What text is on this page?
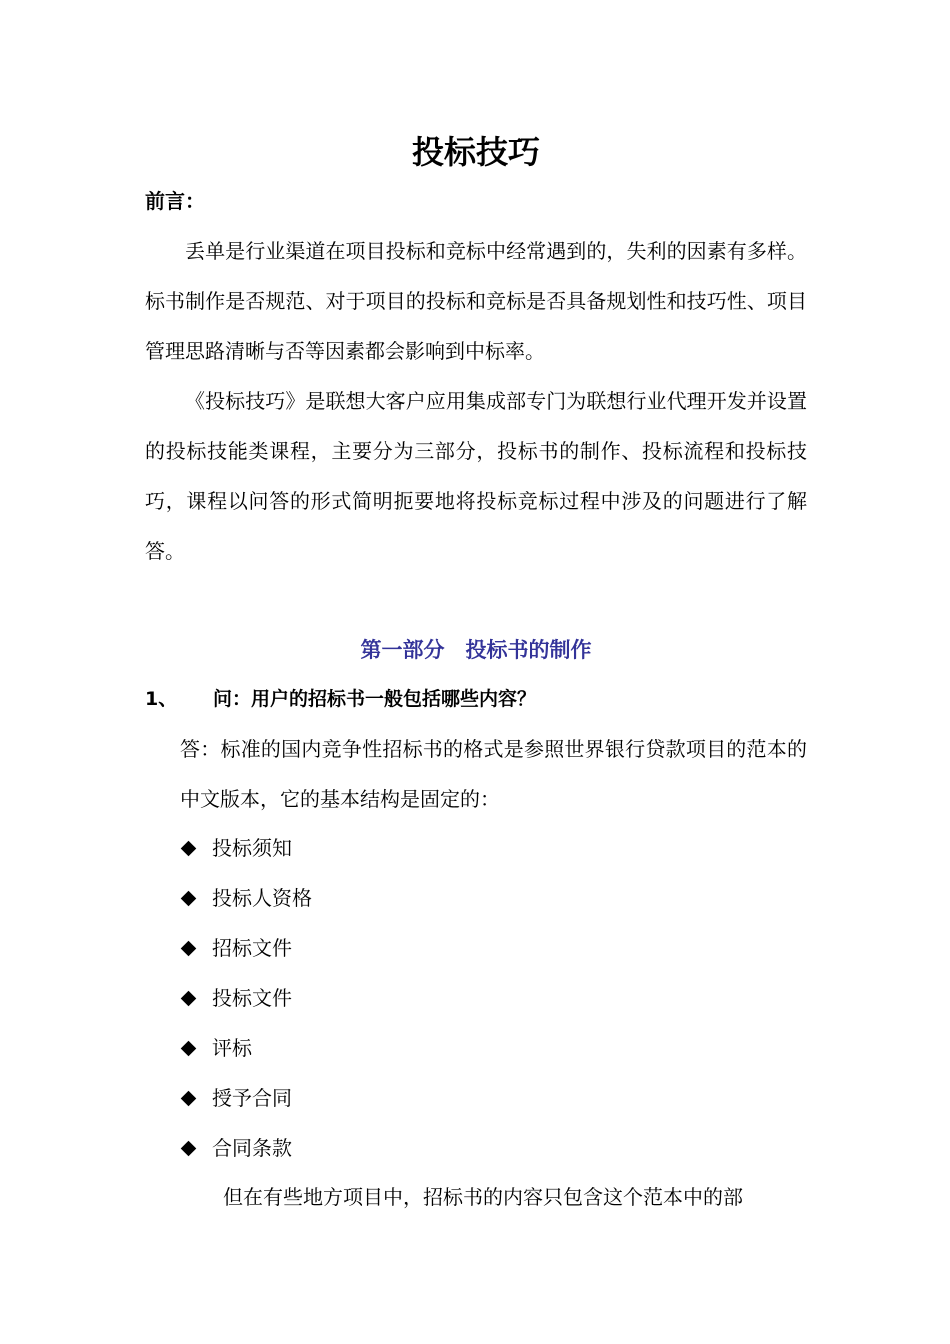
投标技巧
前言：

丢单是行业渠道在项目投标和竞标中经常遇到的，失利的因素有多样。标书制作是否规范、对于项目的投标和竞标是否具备规划性和技巧性、项目管理思路清晰与否等因素都会影响到中标率。

《投标技巧》是联想大客户应用集成部专门为联想行业代理开发并设置的投标技能类课程，主要分为三部分，投标书的制作、投标流程和投标技巧，课程以问答的形式简明扼要地将投标竞标过程中涉及的问题进行了解答。

第一部分　投标书的制作
1、 问：用户的招标书一般包括哪些内容？

答：标准的国内竞争性招标书的格式是参照世界银行贷款项目的范本的中文版本，它的基本结构是固定的：

投标须知
投标人资格
招标文件
投标文件
评标
授予合同
合同条款

但在有些地方项目中，招标书的内容只包含这个范本中的部
